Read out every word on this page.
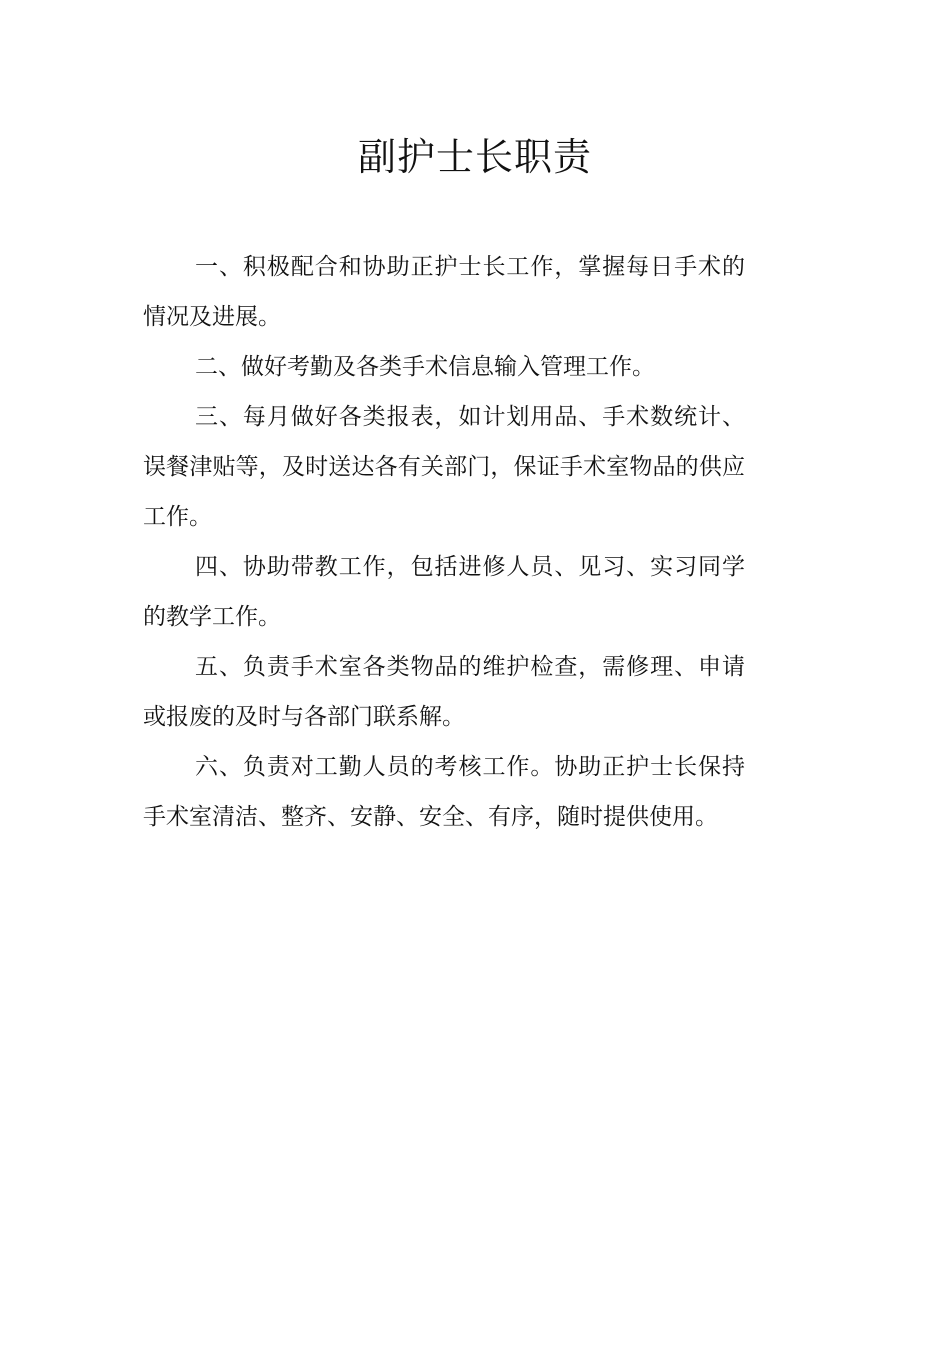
副护士长职责

一、积极配合和协助正护士长工作，掌握每日手术的情况及进展。

二、做好考勤及各类手术信息输入管理工作。

三、每月做好各类报表，如计划用品、手术数统计、误餐津贴等，及时送达各有关部门，保证手术室物品的供应工作。

四、协助带教工作，包括进修人员、见习、实习同学的教学工作。

五、负责手术室各类物品的维护检查，需修理、申请或报废的及时与各部门联系解。

六、负责对工勤人员的考核工作。协助正护士长保持手术室清洁、整齐、安静、安全、有序，随时提供使用。
